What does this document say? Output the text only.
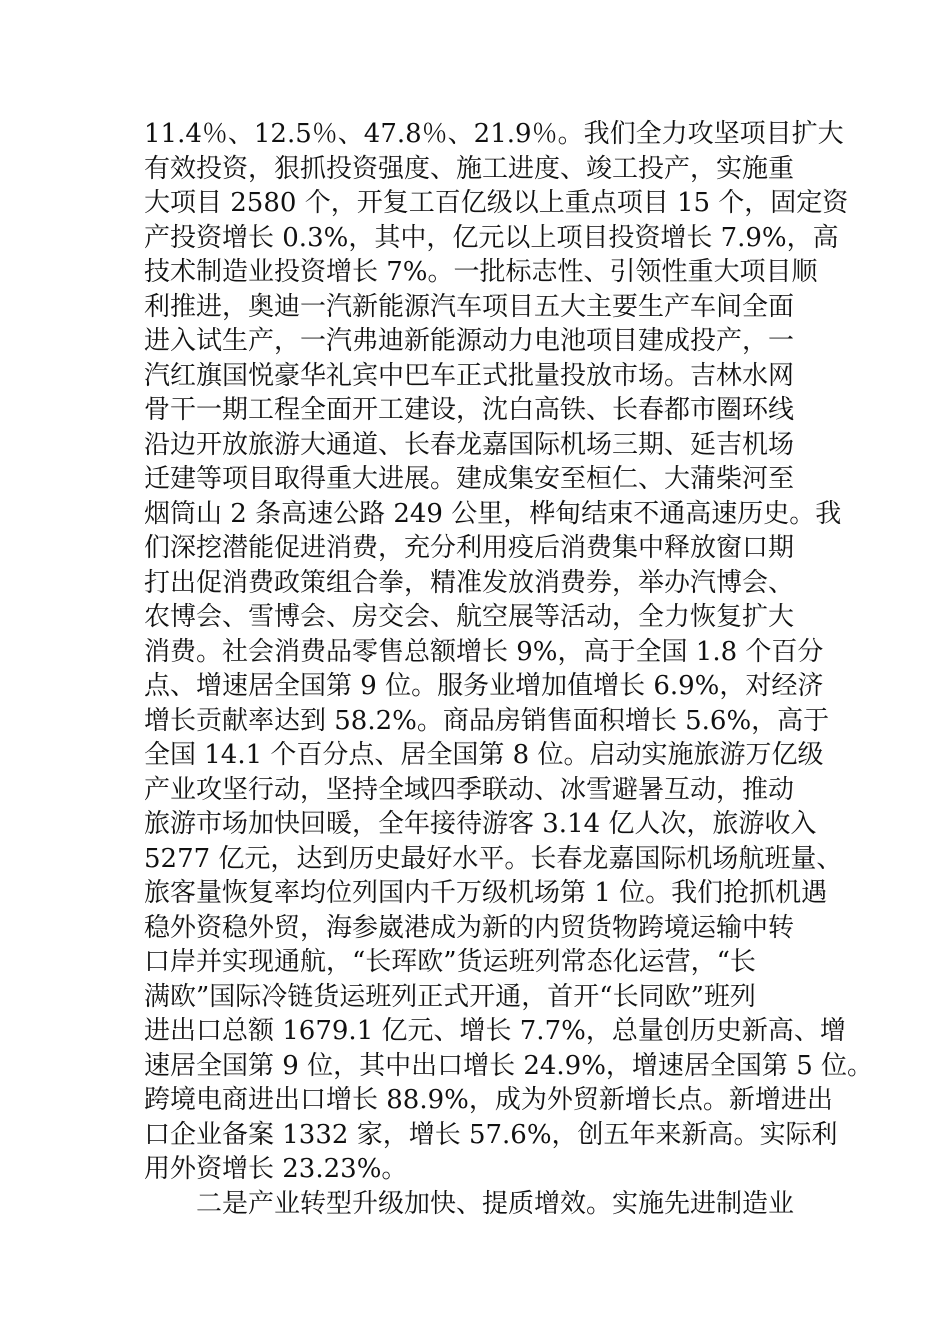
11.4％、12.5％、47.8％、21.9％。我们全力攻坚项目扩大
有效投资，狠抓投资强度、施工进度、竣工投产，实施重
大项目 2580 个，开复工百亿级以上重点项目 15 个，固定资
产投资增长 0.3%，其中，亿元以上项目投资增长 7.9%，高
技术制造业投资增长 7%。一批标志性、引领性重大项目顺
利推进，奥迪一汽新能源汽车项目五大主要生产车间全面
进入试生产，一汽弗迪新能源动力电池项目建成投产，一
汽红旗国悦豪华礼宾中巴车正式批量投放市场。吉林水网
骨干一期工程全面开工建设，沈白高铁、长春都市圈环线
沿边开放旅游大通道、长春龙嘉国际机场三期、延吉机场
迁建等项目取得重大进展。建成集安至桓仁、大蒲柴河至
烟筒山 2 条高速公路 249 公里，桦甸结束不通高速历史。我
们深挖潜能促进消费，充分利用疫后消费集中释放窗口期
打出促消费政策组合拳，精准发放消费券，举办汽博会、
农博会、雪博会、房交会、航空展等活动，全力恢复扩大
消费。社会消费品零售总额增长 9%，高于全国 1.8 个百分
点、增速居全国第 9 位。服务业增加值增长 6.9%，对经济
增长贡献率达到 58.2%。商品房销售面积增长 5.6%，高于
全国 14.1 个百分点、居全国第 8 位。启动实施旅游万亿级
产业攻坚行动，坚持全域四季联动、冰雪避暑互动，推动
旅游市场加快回暖，全年接待游客 3.14 亿人次，旅游收入
5277 亿元，达到历史最好水平。长春龙嘉国际机场航班量、
旅客量恢复率均位列国内千万级机场第 1 位。我们抢抓机遇
稳外资稳外贸，海参崴港成为新的内贸货物跨境运输中转
口岸并实现通航，“长珲欧”货运班列常态化运营，“长
满欧”国际冷链货运班列正式开通，首开“长同欧”班列
进出口总额 1679.1 亿元、增长 7.7%，总量创历史新高、增
速居全国第 9 位，其中出口增长 24.9%，增速居全国第 5 位。
跨境电商进出口增长 88.9%，成为外贸新增长点。新增进出
口企业备案 1332 家，增长 57.6%，创五年来新高。实际利
用外资增长 23.23%。
二是产业转型升级加快、提质增效。实施先进制造业
